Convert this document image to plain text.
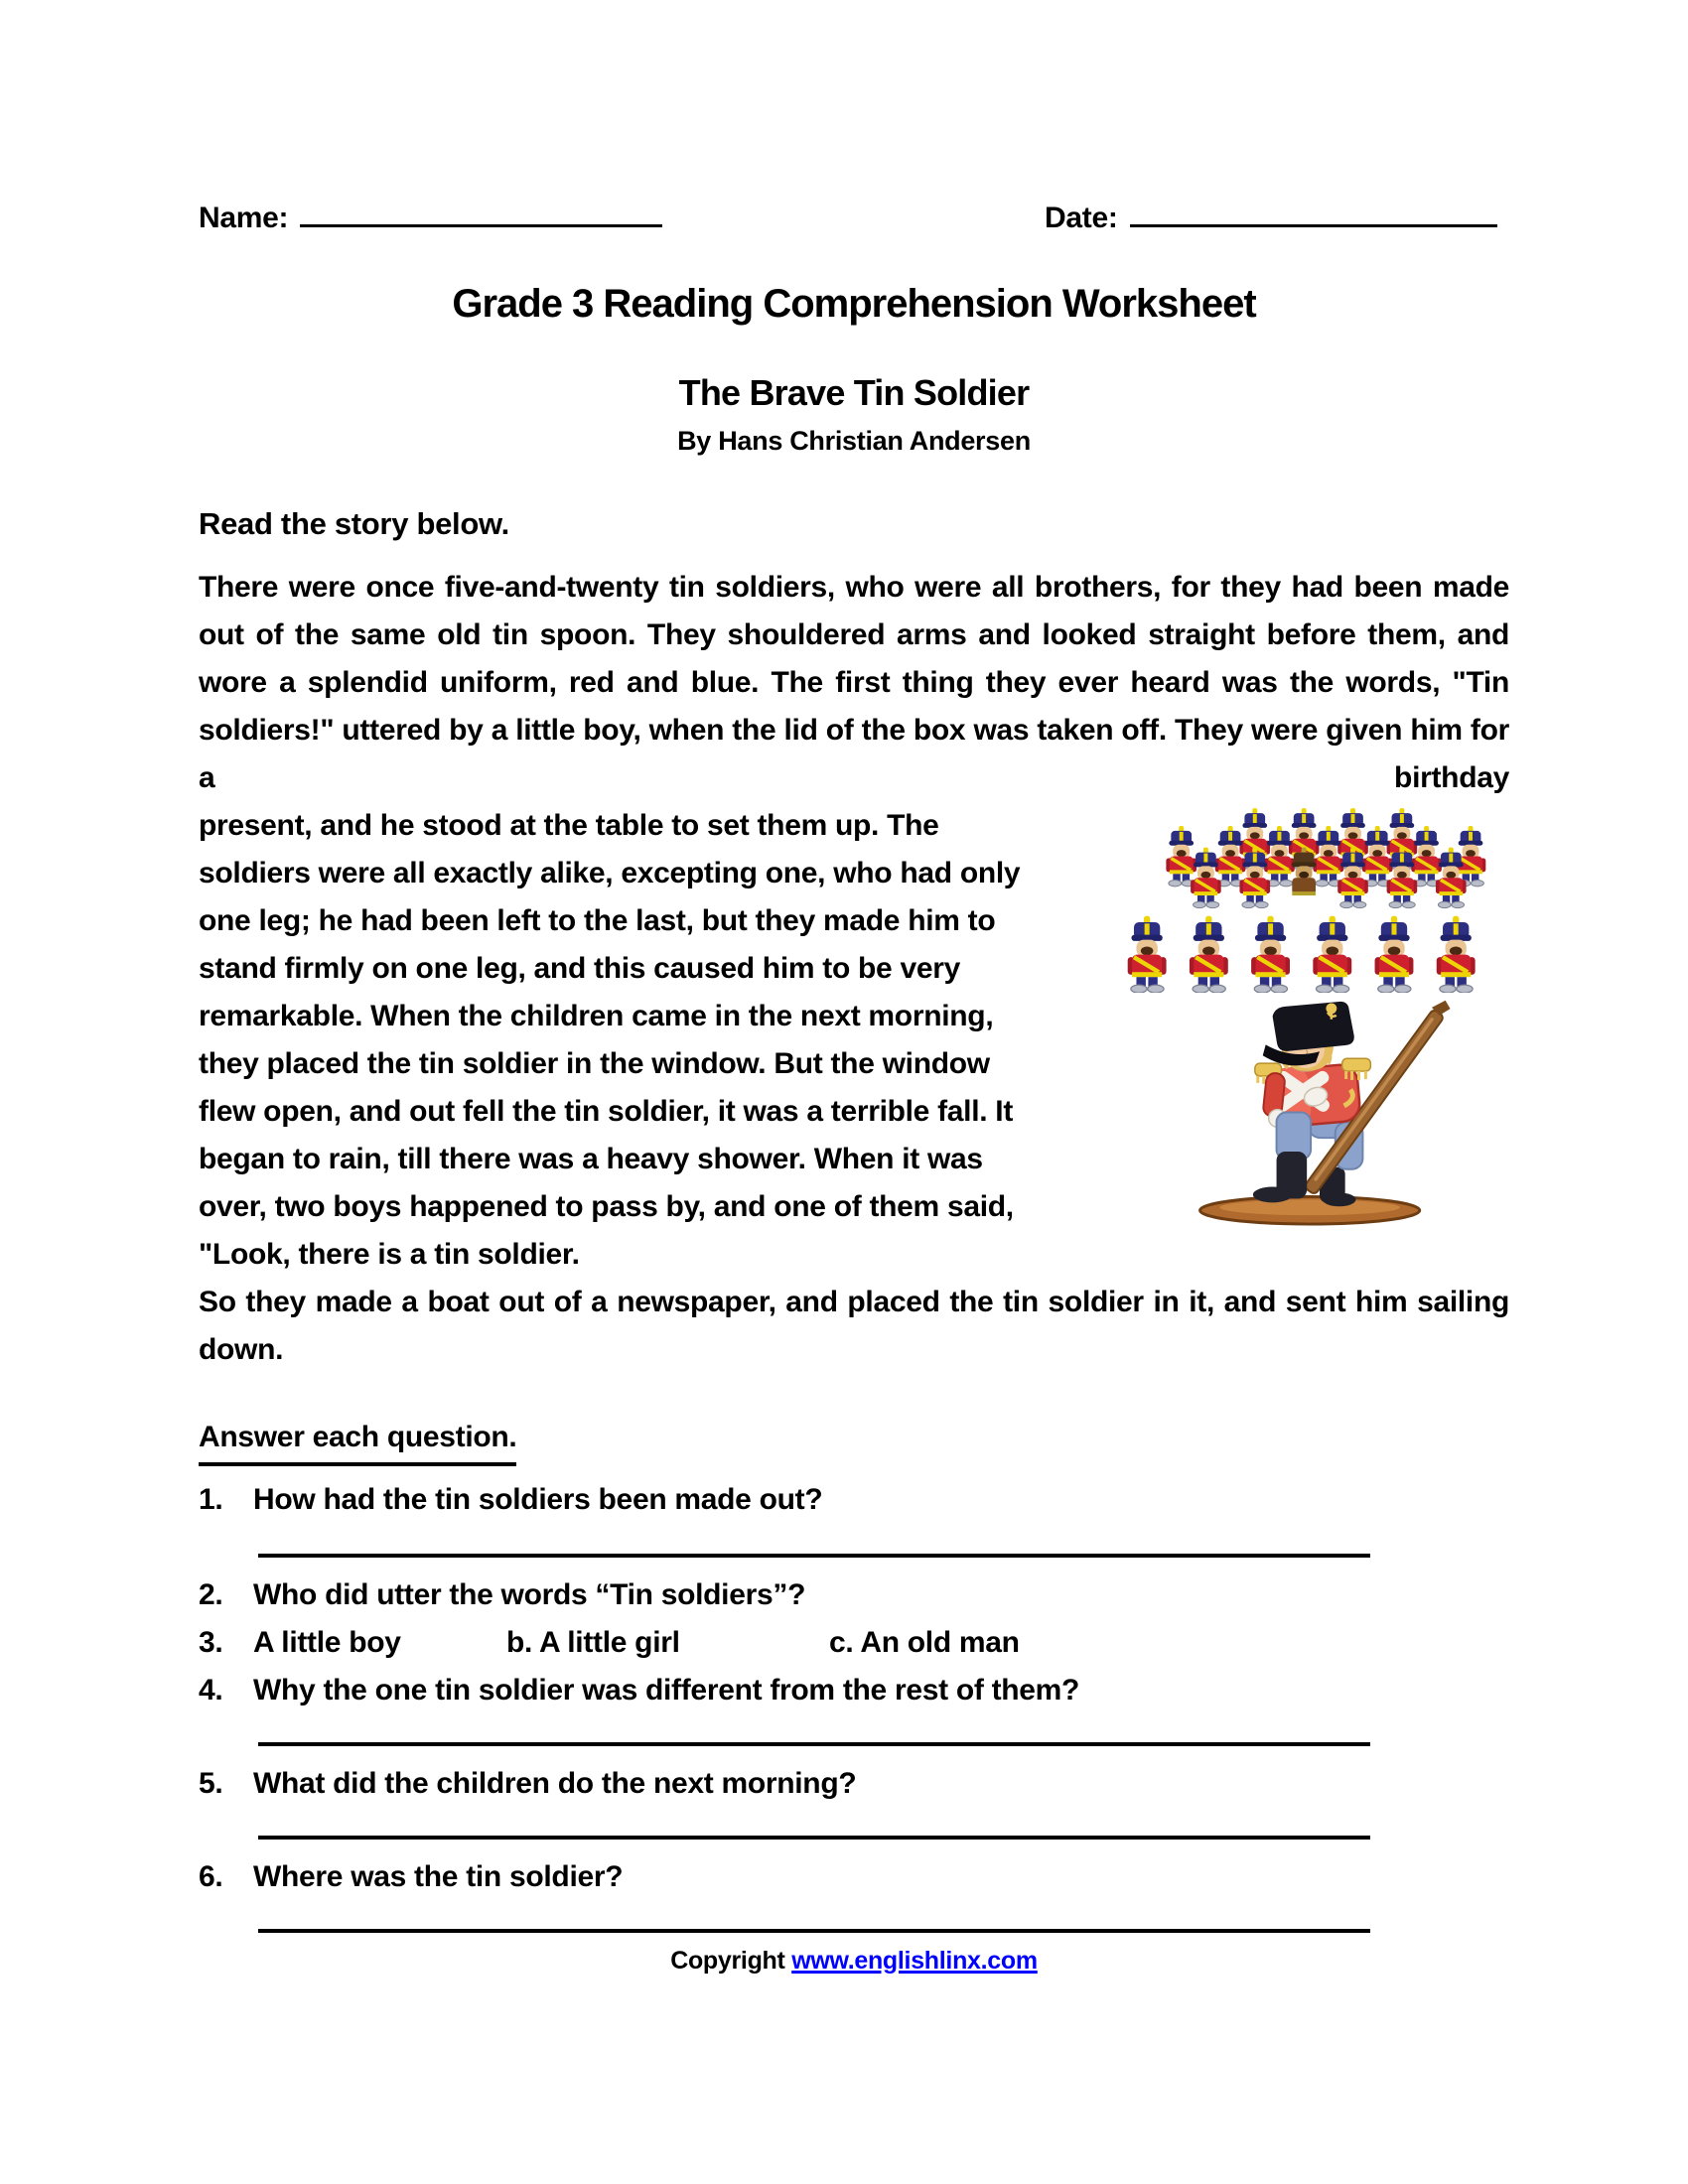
Name:	Date:
Grade 3 Reading Comprehension Worksheet
The Brave Tin Soldier
By Hans Christian Andersen
Read the story below.
There were once five-and-twenty tin soldiers, who were all brothers, for they had been made out of the same old tin spoon. They shouldered arms and looked straight before them, and wore a splendid uniform, red and blue. The first thing they ever heard was the words, "Tin soldiers!" uttered by a little boy, when the lid of the box was taken off. They were given him for a birthday
present, and he stood at the table to set them up. The soldiers were all exactly alike, excepting one, who had only one leg; he had been left to the last, but they made him to stand firmly on one leg, and this caused him to be very remarkable. When the children came in the next morning, they placed the tin soldier in the window. But the window flew open, and out fell the tin soldier, it was a terrible fall. It began to rain, till there was a heavy shower. When it was over, two boys happened to pass by, and one of them said, "Look, there is a tin soldier.
So they made a boat out of a newspaper, and placed the tin soldier in it, and sent him sailing down.
Answer each question.
1.	How had the tin soldiers been made out?
2.	Who did utter the words “Tin soldiers”?
3.	A little boy	b. A little girl	c. An old man
4.	Why the one tin soldier was different from the rest of them?
5.	What did the children do the next morning?
6.	Where was the tin soldier?
Copyright www.englishlinx.com
